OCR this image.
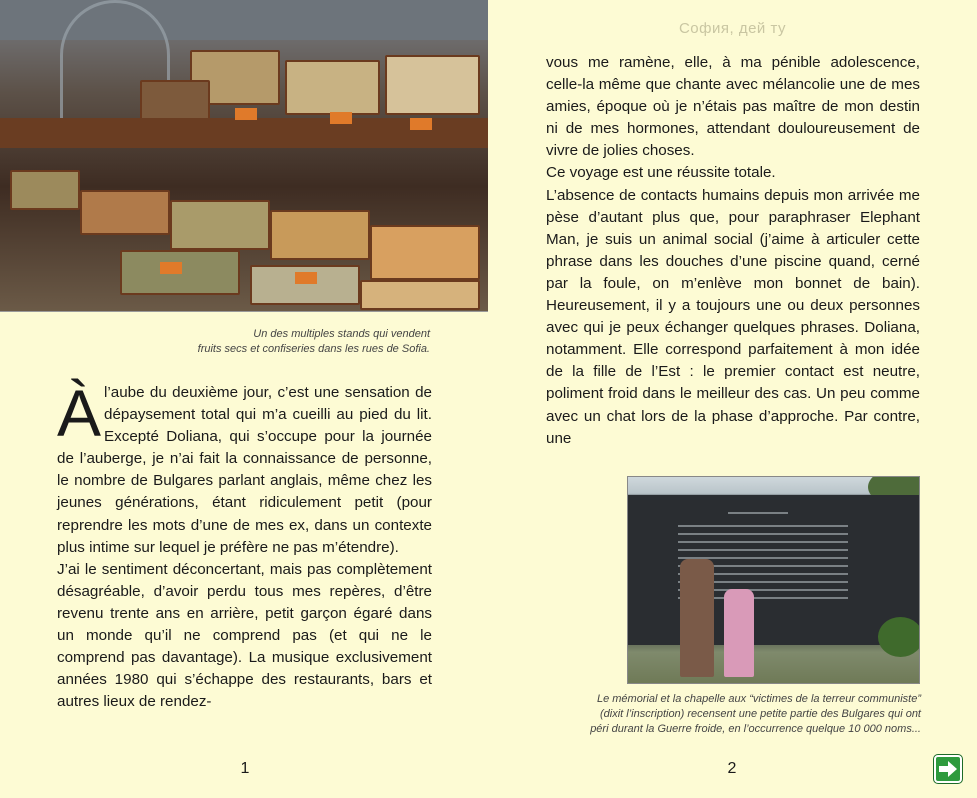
Un des multiples stands qui vendent
fruits secs et confiseries dans les rues de Sofia.

À l’aube du deuxième jour, c’est une sensation de dépaysement total qui m’a cueilli au pied du lit. Excepté Doliana, qui s’occupe pour la journée de l’auberge, je n’ai fait la connaissance de personne, le nombre de Bulgares parlant anglais, même chez les jeunes générations, étant ridiculement petit (pour reprendre les mots d’une de mes ex, dans un contexte plus intime sur lequel je préfère ne pas m’étendre).

J’ai le sentiment déconcertant, mais pas complètement désagréable, d’avoir perdu tous mes repères, d’être revenu trente ans en arrière, petit garçon égaré dans un monde qu’il ne comprend pas (et qui ne le comprend pas davantage). La musique exclusivement années 1980 qui s’échappe des restaurants, bars et autres lieux de rendez-

1
София, дей ту

vous me ramène, elle, à ma pénible adolescence, celle-la même que chante avec mélancolie une de mes amies, époque où je n’étais pas maître de mon destin ni de mes hormones, attendant douloureusement de vivre de jolies choses.

Ce voyage est une réussite totale.

L’absence de contacts humains depuis mon arrivée me pèse d’autant plus que, pour paraphraser Elephant Man, je suis un animal social (j’aime à articuler cette phrase dans les douches d’une piscine quand, cerné par la foule, on m’enlève mon bonnet de bain). Heureusement, il y a toujours une ou deux personnes avec qui je peux échanger quelques phrases. Doliana, notamment. Elle correspond parfaitement à mon idée de la fille de l’Est : le premier contact est neutre, poliment froid dans le meilleur des cas. Un peu comme avec un chat lors de la phase d’approche. Par contre, une

Le mémorial et la chapelle aux “victimes de la terreur communiste”
(dixit l’inscription) recensent une petite partie des Bulgares qui ont
péri durant la Guerre froide, en l’occurrence quelque 10 000 noms...
2
